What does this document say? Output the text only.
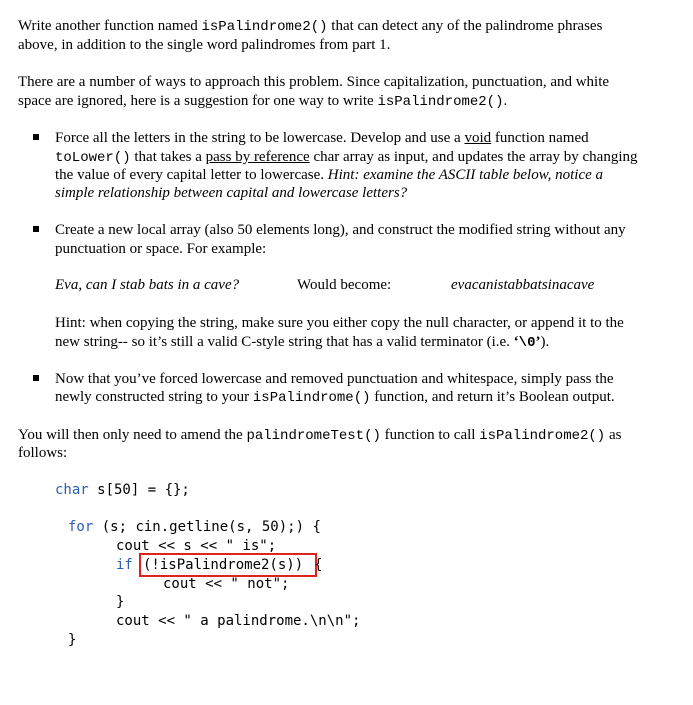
Write another function named isPalindrome2() that can detect any of the palindrome phrases
above, in addition to the single word palindromes from part 1.
There are a number of ways to approach this problem. Since capitalization, punctuation, and white
space are ignored, here is a suggestion for one way to write isPalindrome2().
Force all the letters in the string to be lowercase. Develop and use a void function named
toLower() that takes a pass by reference char array as input, and updates the array by changing
the value of every capital letter to lowercase. Hint: examine the ASCII table below, notice a
simple relationship between capital and lowercase letters?
Create a new local array (also 50 elements long), and construct the modified string without any
punctuation or space. For example:
Eva, can I stab bats in a cave?	Would become:	evacanistabbatsinacave
Hint: when copying the string, make sure you either copy the null character, or append it to the
new string-- so it’s still a valid C-style string that has a valid terminator (i.e. ‘\0’).
Now that you’ve forced lowercase and removed punctuation and whitespace, simply pass the
newly constructed string to your isPalindrome() function, and return it’s Boolean output.
You will then only need to amend the palindromeTest() function to call isPalindrome2() as
follows:
char s[50] = {};
for (s; cin.getline(s, 50);) {
cout << s << " is";
if (!isPalindrome2(s)) {
cout << " not";
}
cout << " a palindrome.\n\n";
}
